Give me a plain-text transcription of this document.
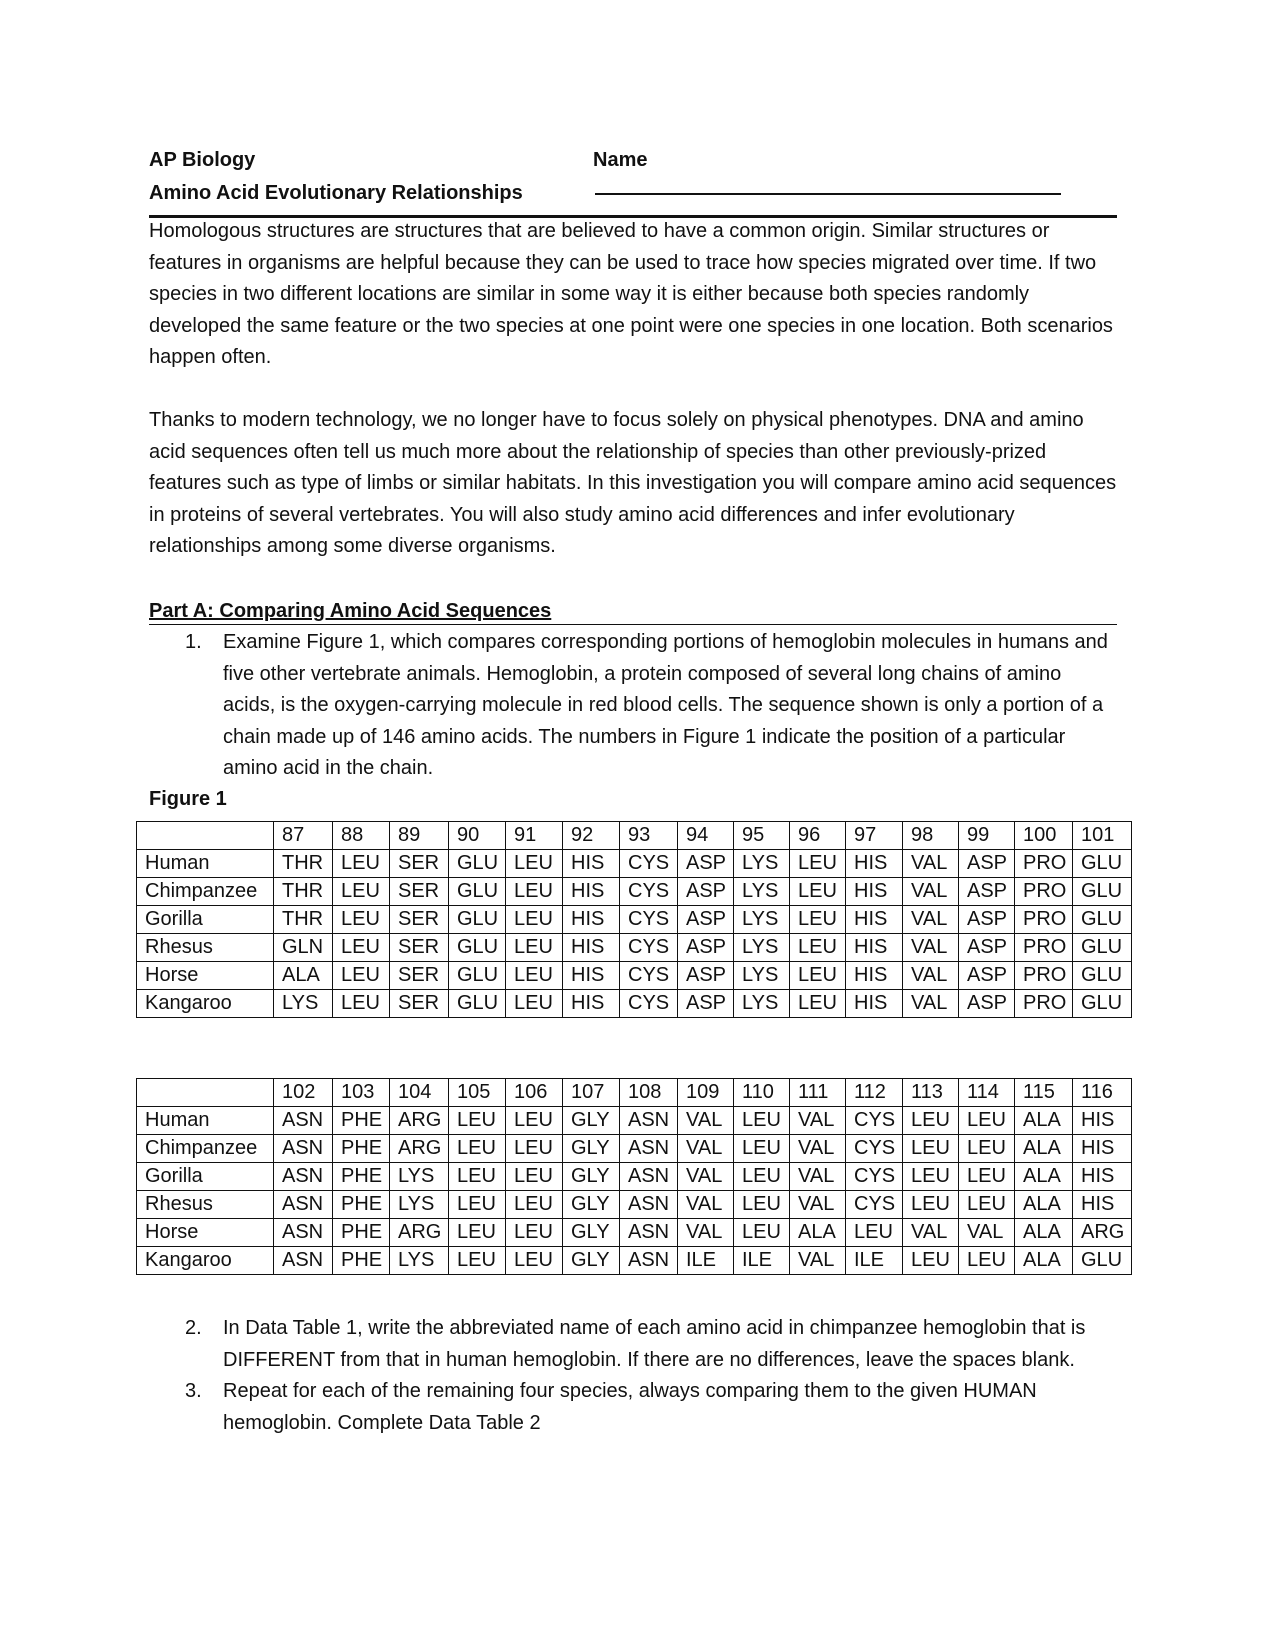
AP Biology	Name
Amino Acid Evolutionary Relationships
Homologous structures are structures that are believed to have a common origin. Similar structures or features in organisms are helpful because they can be used to trace how species migrated over time. If two species in two different locations are similar in some way it is either because both species randomly developed the same feature or the two species at one point were one species in one location. Both scenarios happen often.
Thanks to modern technology, we no longer have to focus solely on physical phenotypes. DNA and amino acid sequences often tell us much more about the relationship of species than other previously-prized features such as type of limbs or similar habitats. In this investigation you will compare amino acid sequences in proteins of several vertebrates. You will also study amino acid differences and infer evolutionary relationships among some diverse organisms.
Part A: Comparing Amino Acid Sequences
1. Examine Figure 1, which compares corresponding portions of hemoglobin molecules in humans and five other vertebrate animals. Hemoglobin, a protein composed of several long chains of amino acids, is the oxygen-carrying molecule in red blood cells. The sequence shown is only a portion of a chain made up of 146 amino acids. The numbers in Figure 1 indicate the position of a particular amino acid in the chain.
Figure 1
	87	88	89	90	91	92	93	94	95	96	97	98	99	100	101
Human	THR	LEU	SER	GLU	LEU	HIS	CYS	ASP	LYS	LEU	HIS	VAL	ASP	PRO	GLU
Chimpanzee	THR	LEU	SER	GLU	LEU	HIS	CYS	ASP	LYS	LEU	HIS	VAL	ASP	PRO	GLU
Gorilla	THR	LEU	SER	GLU	LEU	HIS	CYS	ASP	LYS	LEU	HIS	VAL	ASP	PRO	GLU
Rhesus	GLN	LEU	SER	GLU	LEU	HIS	CYS	ASP	LYS	LEU	HIS	VAL	ASP	PRO	GLU
Horse	ALA	LEU	SER	GLU	LEU	HIS	CYS	ASP	LYS	LEU	HIS	VAL	ASP	PRO	GLU
Kangaroo	LYS	LEU	SER	GLU	LEU	HIS	CYS	ASP	LYS	LEU	HIS	VAL	ASP	PRO	GLU
	102	103	104	105	106	107	108	109	110	111	112	113	114	115	116
Human	ASN	PHE	ARG	LEU	LEU	GLY	ASN	VAL	LEU	VAL	CYS	LEU	LEU	ALA	HIS
Chimpanzee	ASN	PHE	ARG	LEU	LEU	GLY	ASN	VAL	LEU	VAL	CYS	LEU	LEU	ALA	HIS
Gorilla	ASN	PHE	LYS	LEU	LEU	GLY	ASN	VAL	LEU	VAL	CYS	LEU	LEU	ALA	HIS
Rhesus	ASN	PHE	LYS	LEU	LEU	GLY	ASN	VAL	LEU	VAL	CYS	LEU	LEU	ALA	HIS
Horse	ASN	PHE	ARG	LEU	LEU	GLY	ASN	VAL	LEU	ALA	LEU	VAL	VAL	ALA	ARG
Kangaroo	ASN	PHE	LYS	LEU	LEU	GLY	ASN	ILE	ILE	VAL	ILE	LEU	LEU	ALA	GLU
2. In Data Table 1, write the abbreviated name of each amino acid in chimpanzee hemoglobin that is DIFFERENT from that in human hemoglobin. If there are no differences, leave the spaces blank.
3. Repeat for each of the remaining four species, always comparing them to the given HUMAN hemoglobin. Complete Data Table 2
